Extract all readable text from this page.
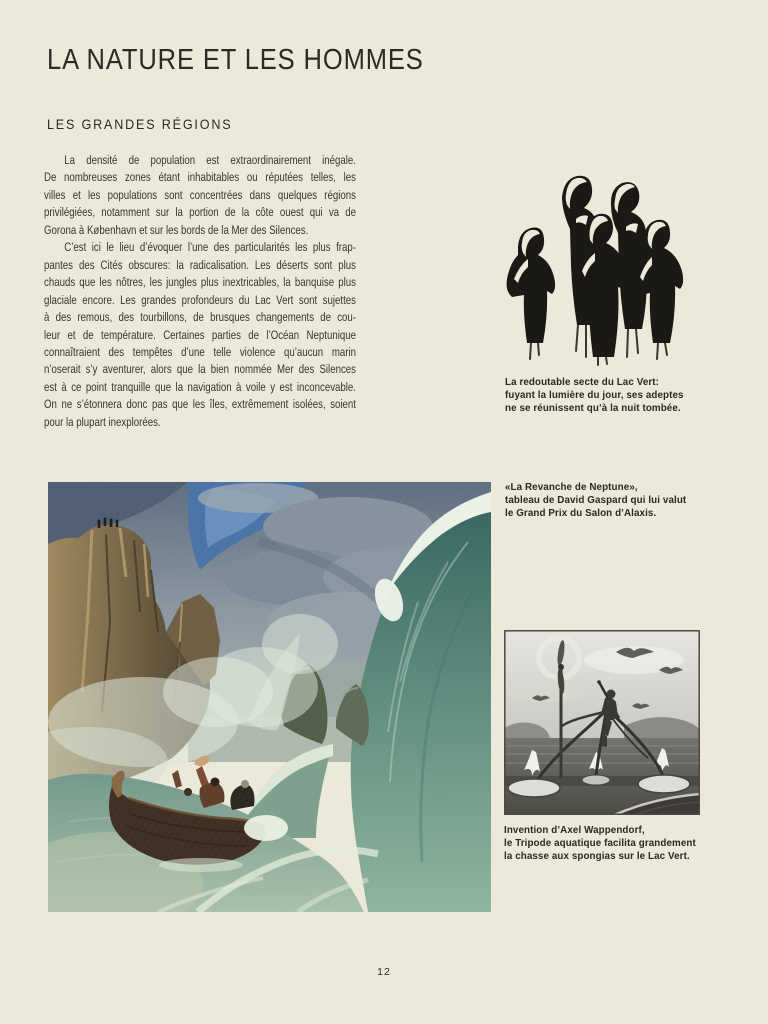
LA NATURE ET LES HOMMES
LES GRANDES RÉGIONS
La densité de population est extraordinairement inégale.
De nombreuses zones étant inhabitables ou réputées telles, les
villes et les populations sont concentrées dans quelques régions
privilégiées, notamment sur la portion de la côte ouest qui va de
Gorona à København et sur les bords de la Mer des Silences.
C’est ici le lieu d’évoquer l’une des particularités les plus frap-
pantes des Cités obscures: la radicalisation. Les déserts sont plus
chauds que les nôtres, les jungles plus inextricables, la banquise plus
glaciale encore. Les grandes profondeurs du Lac Vert sont sujettes
à des remous, des tourbillons, de brusques changements de cou-
leur et de température. Certaines parties de l’Océan Neptunique
connaîtraient des tempêtes d’une telle violence qu’aucun marin
n’oserait s’y aventurer, alors que la bien nommée Mer des Silences
est à ce point tranquille que la navigation à voile y est inconcevable.
On ne s’étonnera donc pas que les îles, extrêmement isolées, soient
pour la plupart inexplorées.
La redoutable secte du Lac Vert:
fuyant la lumière du jour, ses adeptes
ne se réunissent qu’à la nuit tombée.
«La Revanche de Neptune»,
tableau de David Gaspard qui lui valut
le Grand Prix du Salon d’Alaxis.
Invention d’Axel Wappendorf,
le Tripode aquatique facilita grandement
la chasse aux spongias sur le Lac Vert.
12
